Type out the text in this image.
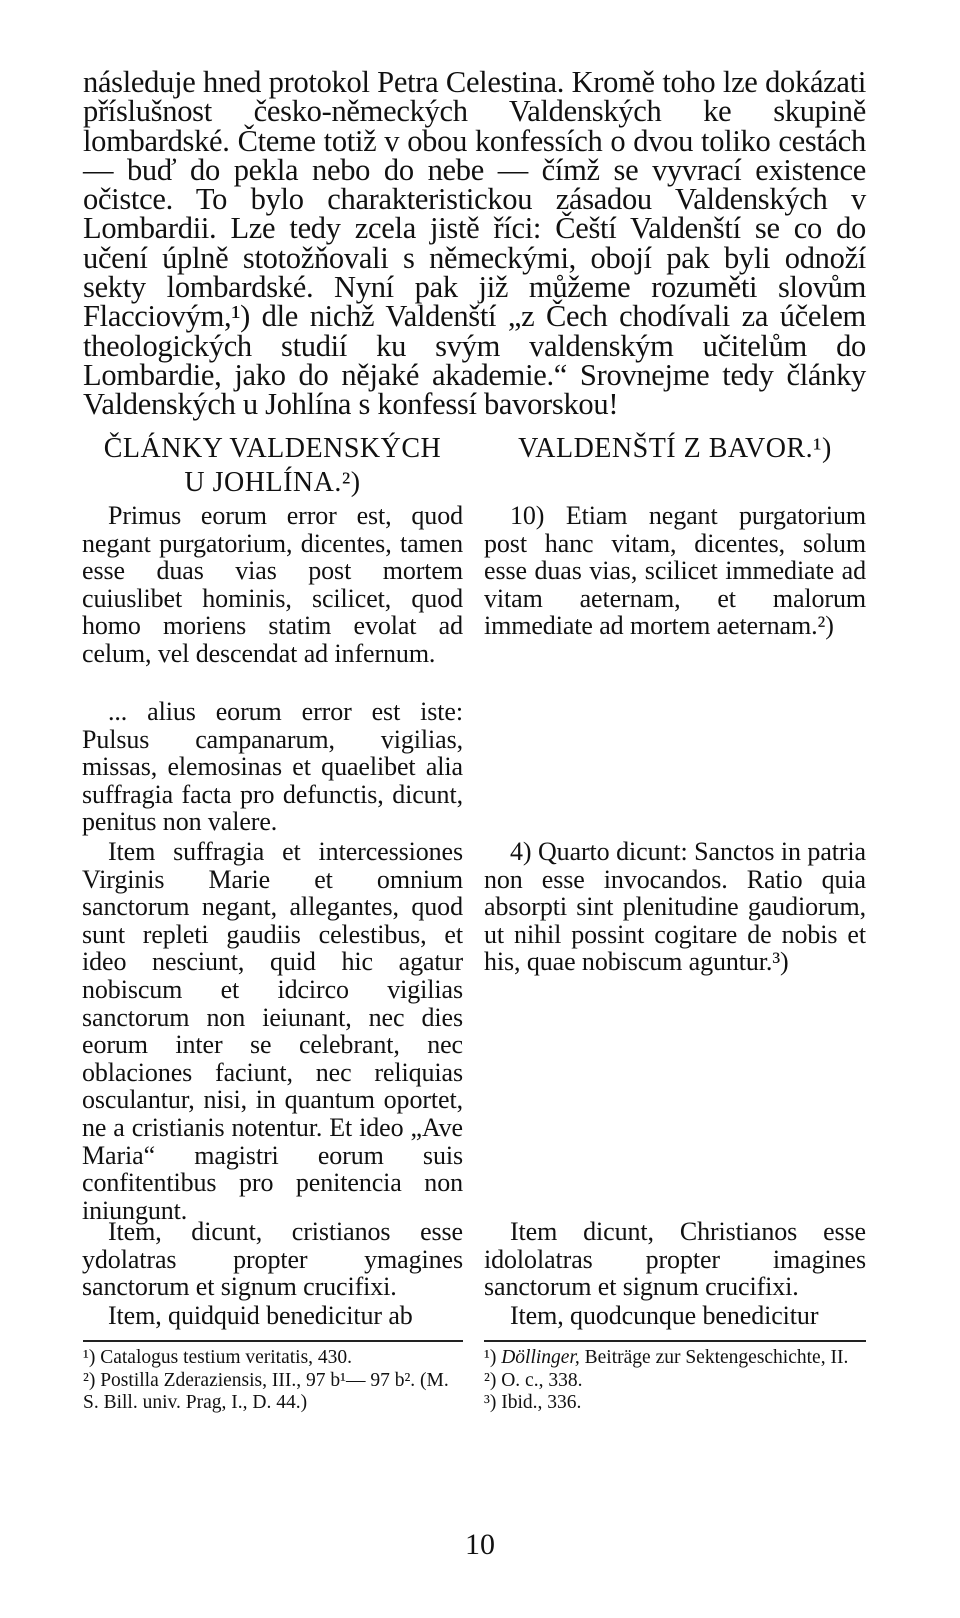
následuje hned protokol Petra Celestina. Kromě toho lze dokázati příslušnost česko-německých Valdenských ke skupině lombardské. Čteme totiž v obou konfessích o dvou toliko cestách — buď do pekla nebo do nebe — čímž se vyvrací existence očistce. To bylo charakteristickou zásadou Valdenských v Lombardii. Lze tedy zcela jistě říci: Čeští Valdenští se co do učení úplně stotožňovali s německými, obojí pak byli odnoží sekty lombardské. Nyní pak již můžeme rozuměti slovům Flacciovým,¹) dle nichž Valdenští „z Čech chodívali za účelem theologických studií ku svým valdenským učitelům do Lombardie, jako do nějaké akademie.“ Srovnejme tedy články Valdenských u Johlína s konfessí bavorskou!

ČLÁNKY VALDENSKÝCH
U JOHLÍNA.²)

Primus eorum error est, quod negant purgatorium, dicentes, tamen esse duas vias post mortem cuiuslibet hominis, scilicet, quod homo moriens statim evolat ad celum, vel descendat ad infernum.

... alius eorum error est iste: Pulsus campanarum, vigilias, missas, elemosinas et quaelibet alia suffragia facta pro defunctis, dicunt, penitus non valere.

Item suffragia et intercessiones Virginis Marie et omnium sanctorum negant, allegantes, quod sunt repleti gaudiis celestibus, et ideo nesciunt, quid hic agatur nobiscum et idcirco vigilias sanctorum non ieiunant, nec dies eorum inter se celebrant, nec oblaciones faciunt, nec reliquias osculantur, nisi, in quantum oportet, ne a cristianis notentur. Et ideo „Ave Maria“ magistri eorum suis confitentibus pro penitencia non iniungunt.

Item, dicunt, cristianos esse ydolatras propter ymagines sanctorum et signum crucifixi.

Item, quidquid benedicitur ab

VALDENŠTÍ Z BAVOR.¹)

10) Etiam negant purgatorium post hanc vitam, dicentes, solum esse duas vias, scilicet immediate ad vitam aeternam, et malorum immediate ad mortem aeternam.²)

4) Quarto dicunt: Sanctos in patria non esse invocandos. Ratio quia absorpti sint plenitudine gaudiorum, ut nihil possint cogitare de nobis et his, quae nobiscum aguntur.³)

Item dicunt, Christianos esse idololatras propter imagines sanctorum et signum crucifixi.

Item, quodcunque benedicitur

¹) Catalogus testium veritatis, 430.

²) Postilla Zderaziensis, III., 97 b¹— 97 b². (M. S. Bill. univ. Prag, I., D. 44.)

¹) Döllinger, Beiträge zur Sektengeschichte, II.

²) O. c., 338.

³) Ibid., 336.

10
